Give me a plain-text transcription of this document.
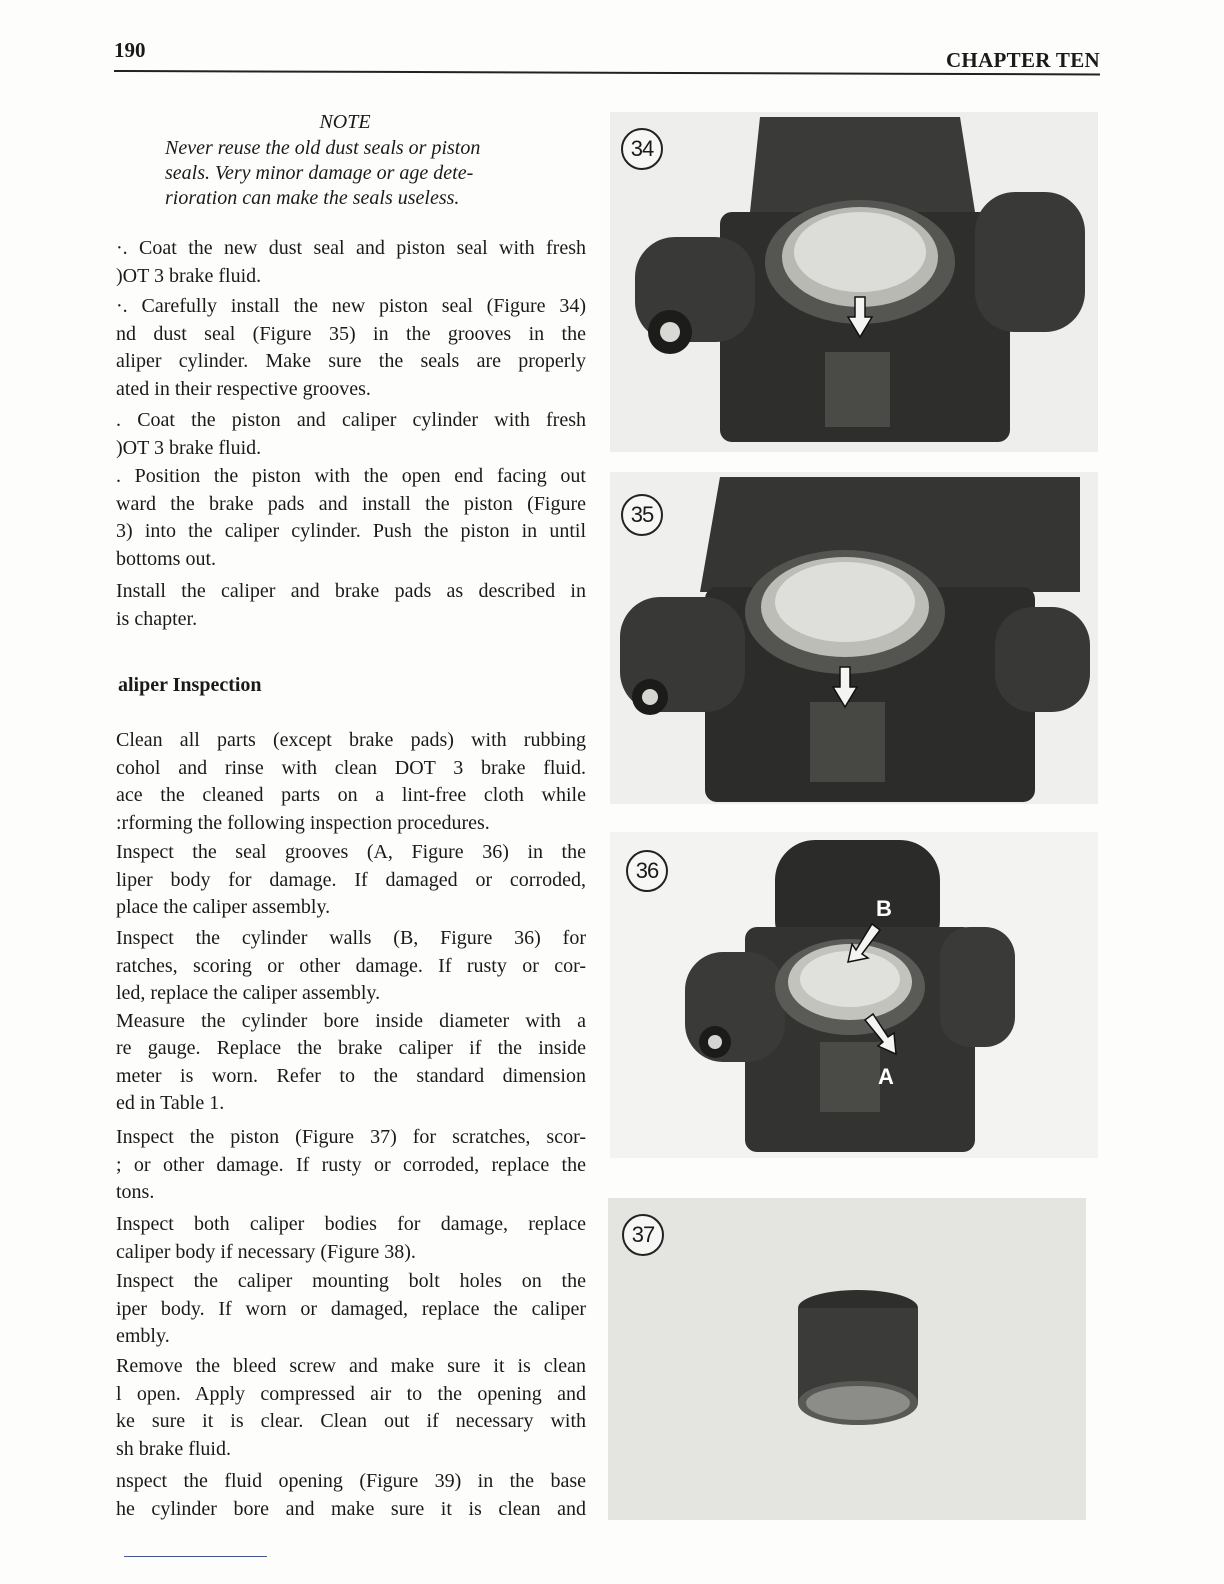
190	CHAPTER TEN
NOTE
Never reuse the old dust seals or piston
seals. Very minor damage or age dete-
rioration can make the seals useless.
·. Coat the new dust seal and piston seal with fresh
)OT 3 brake fluid.
·. Carefully install the new piston seal (Figure 34)
nd dust seal (Figure 35) in the grooves in the
aliper cylinder. Make sure the seals are properly
ated in their respective grooves.
. Coat the piston and caliper cylinder with fresh
)OT 3 brake fluid.
. Position the piston with the open end facing out
ward the brake pads and install the piston (Figure
3) into the caliper cylinder. Push the piston in until
bottoms out.
Install the caliper and brake pads as described in
is chapter.
aliper Inspection
Clean all parts (except brake pads) with rubbing
cohol and rinse with clean DOT 3 brake fluid.
ace the cleaned parts on a lint-free cloth while
:rforming the following inspection procedures.
Inspect the seal grooves (A, Figure 36) in the
liper body for damage. If damaged or corroded,
place the caliper assembly.
Inspect the cylinder walls (B, Figure 36) for
ratches, scoring or other damage. If rusty or cor-
led, replace the caliper assembly.
Measure the cylinder bore inside diameter with a
re gauge. Replace the brake caliper if the inside
meter is worn. Refer to the standard dimension
ed in Table 1.
Inspect the piston (Figure 37) for scratches, scor-
; or other damage. If rusty or corroded, replace the
tons.
Inspect both caliper bodies for damage, replace
caliper body if necessary (Figure 38).
Inspect the caliper mounting bolt holes on the
iper body. If worn or damaged, replace the caliper
embly.
Remove the bleed screw and make sure it is clean
l open. Apply compressed air to the opening and
ke sure it is clear. Clean out if necessary with
sh brake fluid.
nspect the fluid opening (Figure 39) in the base
he cylinder bore and make sure it is clean and
34
35
36
B
A
37
